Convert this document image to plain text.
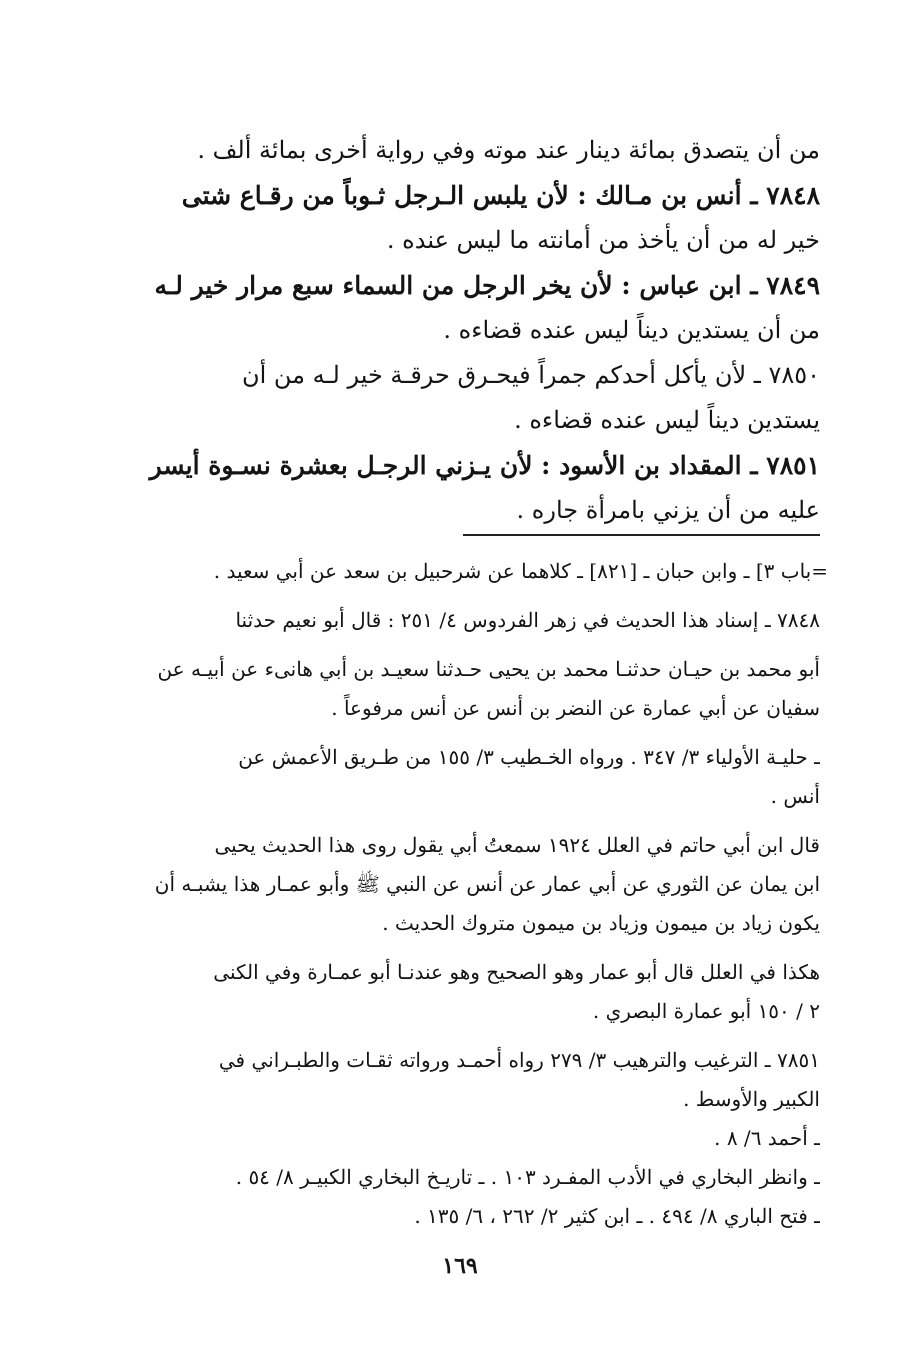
من أن يتصدق بمائة دينار عند موته وفي رواية أخرى بمائة ألف .
٧٨٤٨ ـ أنس بن مـالك : لأن يلبس الـرجل ثـوباً من رقـاع شتى
خير له من أن يأخذ من أمانته ما ليس عنده .
٧٨٤٩ ـ ابن عباس : لأن يخر الرجل من السماء سبع مرار خير لـه
من أن يستدين ديناً ليس عنده قضاءه .
٧٨٥٠ ـ لأن يأكل أحدكم جمراً فيحـرق حرقـة خير لـه من أن
يستدين ديناً ليس عنده قضاءه .
٧٨٥١ ـ المقداد بن الأسود : لأن يـزني الرجـل بعشرة نسـوة أيسر
عليه من أن يزني بامرأة جاره .
=باب ٣] ـ وابن حبان ـ [٨٢١] ـ كلاهما عن شرحبيل بن سعد عن أبي سعيد .
٧٨٤٨ ـ إسناد هذا الحديث في زهر الفردوس ٤/ ٢٥١ : قال أبو نعيم حدثنا
أبو محمد بن حيـان حدثنـا محمد بن يحيى حـدثنا سعيـد بن أبي هانىء عن أبيـه عن
سفيان عن أبي عمارة عن النضر بن أنس عن أنس مرفوعاً .
ـ حليـة الأولياء ٣/ ٣٤٧ . ورواه الخـطيب ٣/ ١٥٥ من طـريق الأعمش عن
أنس .
قال ابن أبي حاتم في العلل ١٩٢٤ سمعتُ أبي يقول روى هذا الحديث يحيى
ابن يمان عن الثوري عن أبي عمار عن أنس عن النبي ﷺ وأبو عمـار هذا يشبـه أن
يكون زياد بن ميمون وزياد بن ميمون متروك الحديث .
هكذا في العلل قال أبو عمار وهو الصحيح وهو عندنـا أبو عمـارة وفي الكنى
٢ / ١٥٠ أبو عمارة البصري .
٧٨٥١ ـ الترغيب والترهيب ٣/ ٢٧٩ رواه أحمـد ورواته ثقـات والطبـراني في
الكبير والأوسط .
ـ أحمد ٦/ ٨ .
ـ وانظر البخاري في الأدب المفـرد ١٠٣ . ـ تاريـخ البخاري الكبيـر ٨/ ٥٤ .
ـ فتح الباري ٨/ ٤٩٤ . ـ ابن كثير ٢/ ٢٦٢ ، ٦/ ١٣٥ .
١٦٩
